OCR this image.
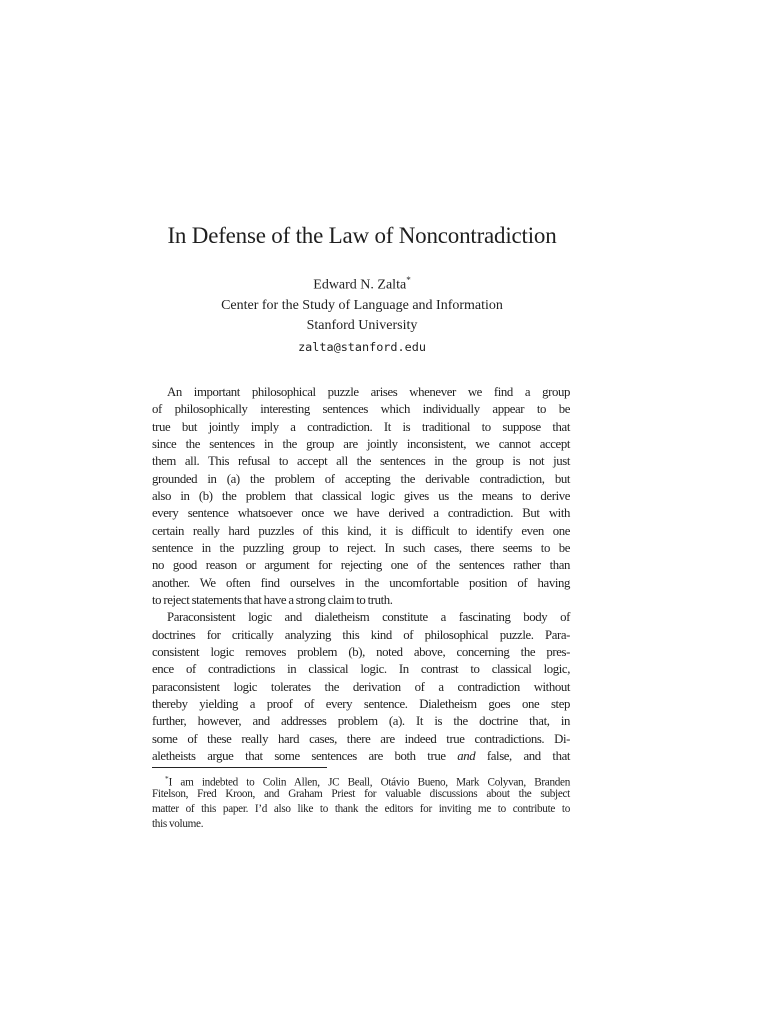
In Defense of the Law of Noncontradiction
Edward N. Zalta*
Center for the Study of Language and Information
Stanford University
zalta@stanford.edu
An important philosophical puzzle arises whenever we find a group
of philosophically interesting sentences which individually appear to be
true but jointly imply a contradiction. It is traditional to suppose that
since the sentences in the group are jointly inconsistent, we cannot accept
them all. This refusal to accept all the sentences in the group is not just
grounded in (a) the problem of accepting the derivable contradiction, but
also in (b) the problem that classical logic gives us the means to derive
every sentence whatsoever once we have derived a contradiction. But with
certain really hard puzzles of this kind, it is difficult to identify even one
sentence in the puzzling group to reject. In such cases, there seems to be
no good reason or argument for rejecting one of the sentences rather than
another. We often find ourselves in the uncomfortable position of having
to reject statements that have a strong claim to truth.
Paraconsistent logic and dialetheism constitute a fascinating body of
doctrines for critically analyzing this kind of philosophical puzzle. Para-
consistent logic removes problem (b), noted above, concerning the pres-
ence of contradictions in classical logic. In contrast to classical logic,
paraconsistent logic tolerates the derivation of a contradiction without
thereby yielding a proof of every sentence. Dialetheism goes one step
further, however, and addresses problem (a). It is the doctrine that, in
some of these really hard cases, there are indeed true contradictions. Di-
aletheists argue that some sentences are both true and false, and that
*I am indebted to Colin Allen, JC Beall, Otávio Bueno, Mark Colyvan, Branden
Fitelson, Fred Kroon, and Graham Priest for valuable discussions about the subject
matter of this paper. I’d also like to thank the editors for inviting me to contribute to
this volume.
